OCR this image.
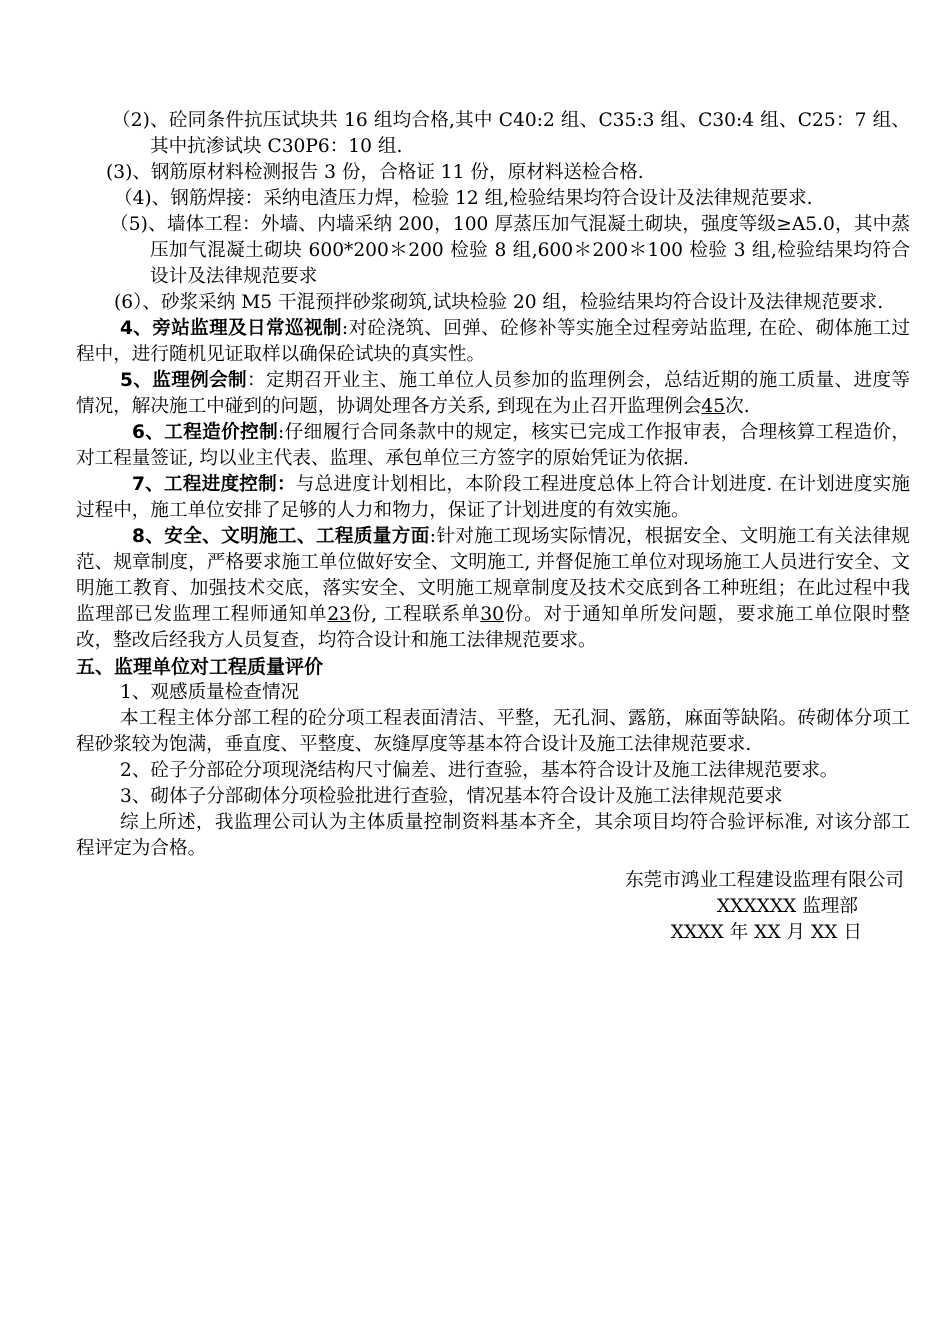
（2)、砼同条件抗压试块共 16 组均合格,其中 C40:2 组、C35:3 组、C30:4 组、C25：7 组、其中抗渗试块 C30P6：10 组.

(3)、钢筋原材料检测报告 3 份，合格证 11 份，原材料送检合格.

（4)、钢筋焊接：采纳电渣压力焊，检验 12 组,检验结果均符合设计及法律规范要求.

（5)、墙体工程：外墙、内墙采纳 200，100 厚蒸压加气混凝土砌块，强度等级≥A5.0，其中蒸压加气混凝土砌块 600*200＊200 检验 8 组,600＊200＊100 检验 3 组,检验结果均符合设计及法律规范要求

(6）、砂浆采纳 M5 干混预拌砂浆砌筑,试块检验 20 组，检验结果均符合设计及法律规范要求.

4、旁站监理及日常巡视制:对砼浇筑、回弹、砼修补等实施全过程旁站监理, 在砼、砌体施工过程中，进行随机见证取样以确保砼试块的真实性。

5、监理例会制：定期召开业主、施工单位人员参加的监理例会，总结近期的施工质量、进度等情况，解决施工中碰到的问题，协调处理各方关系, 到现在为止召开监理例会45次.

6、工程造价控制:仔细履行合同条款中的规定，核实已完成工作报审表，合理核算工程造价，对工程量签证, 均以业主代表、监理、承包单位三方签字的原始凭证为依据.

7、工程进度控制：与总进度计划相比，本阶段工程进度总体上符合计划进度. 在计划进度实施过程中，施工单位安排了足够的人力和物力，保证了计划进度的有效实施。

8、安全、文明施工、工程质量方面:针对施工现场实际情况，根据安全、文明施工有关法律规范、规章制度，严格要求施工单位做好安全、文明施工, 并督促施工单位对现场施工人员进行安全、文明施工教育、加强技术交底，落实安全、文明施工规章制度及技术交底到各工种班组；在此过程中我监理部已发监理工程师通知单23份, 工程联系单30份。对于通知单所发问题，要求施工单位限时整改，整改后经我方人员复查，均符合设计和施工法律规范要求。

五、监理单位对工程质量评价

1、观感质量检查情况

本工程主体分部工程的砼分项工程表面清洁、平整，无孔洞、露筋，麻面等缺陷。砖砌体分项工程砂浆较为饱满，垂直度、平整度、灰缝厚度等基本符合设计及施工法律规范要求.

2、砼子分部砼分项现浇结构尺寸偏差、进行查验，基本符合设计及施工法律规范要求。

3、砌体子分部砌体分项检验批进行查验，情况基本符合设计及施工法律规范要求

综上所述，我监理公司认为主体质量控制资料基本齐全，其余项目均符合验评标准, 对该分部工程评定为合格。

东莞市鸿业工程建设监理有限公司

XXXXXX 监理部

XXXX 年 XX 月 XX 日
